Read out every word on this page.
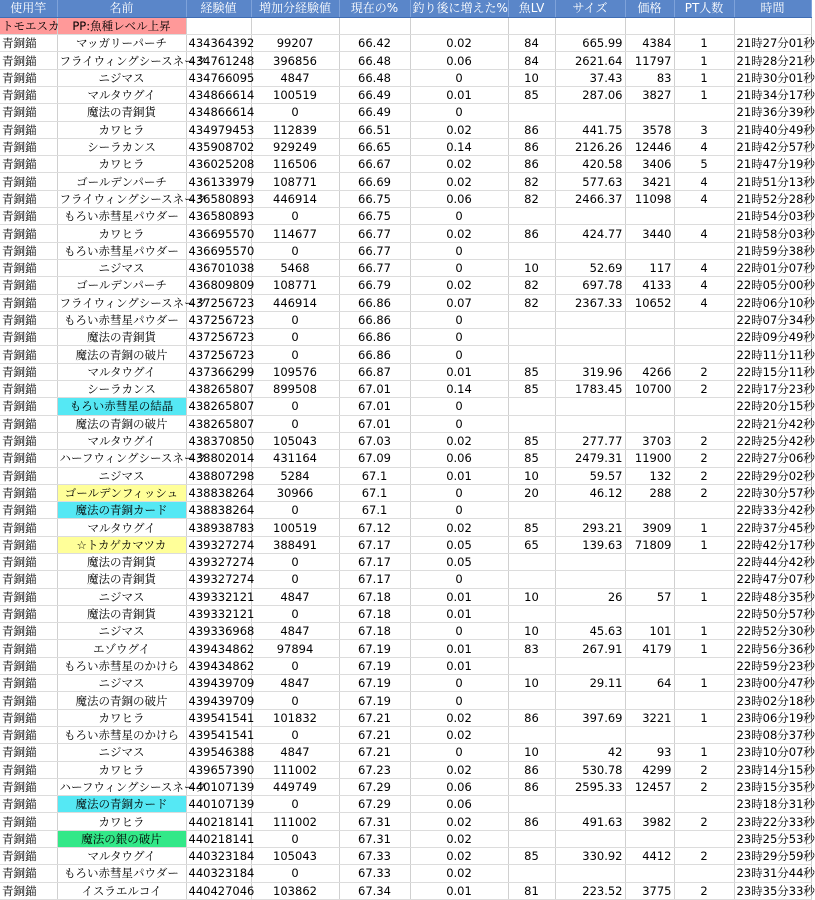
使用竿	名前	経験値	増加分経験値	現在の%	釣り後に増えた%	魚LV	サイズ	価格	PT人数	時間
トモエスカ	PP:魚種レベル上昇									
青銅錨	マッガリーパーチ	434364392	99207	66.42	0.02	84	665.99	4384	1	21時27分01秒
青銅錨	フライウィングシースネーク	434761248	396856	66.48	0.06	84	2621.64	11797	1	21時28分21秒
青銅錨	ニジマス	434766095	4847	66.48	0	10	37.43	83	1	21時30分01秒
青銅錨	マルタウグイ	434866614	100519	66.49	0.01	85	287.06	3827	1	21時34分17秒
青銅錨	魔法の青銅貨	434866614	0	66.49	0					21時36分39秒
青銅錨	カワヒラ	434979453	112839	66.51	0.02	86	441.75	3578	3	21時40分49秒
青銅錨	シーラカンス	435908702	929249	66.65	0.14	86	2126.26	12446	4	21時42分57秒
青銅錨	カワヒラ	436025208	116506	66.67	0.02	86	420.58	3406	5	21時47分19秒
青銅錨	ゴールデンパーチ	436133979	108771	66.69	0.02	82	577.63	3421	4	21時51分13秒
青銅錨	フライウィングシースネーク	436580893	446914	66.75	0.06	82	2466.37	11098	4	21時52分28秒
青銅錨	もろい赤彗星パウダー	436580893	0	66.75	0					21時54分03秒
青銅錨	カワヒラ	436695570	114677	66.77	0.02	86	424.77	3440	4	21時58分03秒
青銅錨	もろい赤彗星パウダー	436695570	0	66.77	0					21時59分38秒
青銅錨	ニジマス	436701038	5468	66.77	0	10	52.69	117	4	22時01分07秒
青銅錨	ゴールデンパーチ	436809809	108771	66.79	0.02	82	697.78	4133	4	22時05分00秒
青銅錨	フライウィングシースネーク	437256723	446914	66.86	0.07	82	2367.33	10652	4	22時06分10秒
青銅錨	もろい赤彗星パウダー	437256723	0	66.86	0					22時07分34秒
青銅錨	魔法の青銅貨	437256723	0	66.86	0					22時09分49秒
青銅錨	魔法の青銅の破片	437256723	0	66.86	0					22時11分11秒
青銅錨	マルタウグイ	437366299	109576	66.87	0.01	85	319.96	4266	2	22時15分11秒
青銅錨	シーラカンス	438265807	899508	67.01	0.14	85	1783.45	10700	2	22時17分23秒
青銅錨	もろい赤彗星の結晶	438265807	0	67.01	0					22時20分15秒
青銅錨	魔法の青銅の破片	438265807	0	67.01	0					22時21分42秒
青銅錨	マルタウグイ	438370850	105043	67.03	0.02	85	277.77	3703	2	22時25分42秒
青銅錨	ハーフウィングシースネーク	438802014	431164	67.09	0.06	85	2479.31	11900	2	22時27分06秒
青銅錨	ニジマス	438807298	5284	67.1	0.01	10	59.57	132	2	22時29分02秒
青銅錨	ゴールデンフィッシュ	438838264	30966	67.1	0	20	46.12	288	2	22時30分57秒
青銅錨	魔法の青銅カード	438838264	0	67.1	0					22時33分42秒
青銅錨	マルタウグイ	438938783	100519	67.12	0.02	85	293.21	3909	1	22時37分45秒
青銅錨	☆トカゲカマツカ	439327274	388491	67.17	0.05	65	139.63	71809	1	22時42分17秒
青銅錨	魔法の青銅貨	439327274	0	67.17	0.05					22時44分42秒
青銅錨	魔法の青銅貨	439327274	0	67.17	0					22時47分07秒
青銅錨	ニジマス	439332121	4847	67.18	0.01	10	26	57	1	22時48分35秒
青銅錨	魔法の青銅貨	439332121	0	67.18	0.01					22時50分57秒
青銅錨	ニジマス	439336968	4847	67.18	0	10	45.63	101	1	22時52分30秒
青銅錨	エゾウグイ	439434862	97894	67.19	0.01	83	267.91	4179	1	22時56分36秒
青銅錨	もろい赤彗星のかけら	439434862	0	67.19	0.01					22時59分23秒
青銅錨	ニジマス	439439709	4847	67.19	0	10	29.11	64	1	23時00分47秒
青銅錨	魔法の青銅の破片	439439709	0	67.19	0					23時02分18秒
青銅錨	カワヒラ	439541541	101832	67.21	0.02	86	397.69	3221	1	23時06分19秒
青銅錨	もろい赤彗星のかけら	439541541	0	67.21	0.02					23時08分37秒
青銅錨	ニジマス	439546388	4847	67.21	0	10	42	93	1	23時10分07秒
青銅錨	カワヒラ	439657390	111002	67.23	0.02	86	530.78	4299	2	23時14分15秒
青銅錨	ハーフウィングシースネーク	440107139	449749	67.29	0.06	86	2595.33	12457	2	23時15分35秒
青銅錨	魔法の青銅カード	440107139	0	67.29	0.06					23時18分31秒
青銅錨	カワヒラ	440218141	111002	67.31	0.02	86	491.63	3982	2	23時22分33秒
青銅錨	魔法の銀の破片	440218141	0	67.31	0.02					23時25分53秒
青銅錨	マルタウグイ	440323184	105043	67.33	0.02	85	330.92	4412	2	23時29分59秒
青銅錨	もろい赤彗星パウダー	440323184	0	67.33	0.02					23時31分44秒
青銅錨	イスラエルコイ	440427046	103862	67.34	0.01	81	223.52	3775	2	23時35分33秒
